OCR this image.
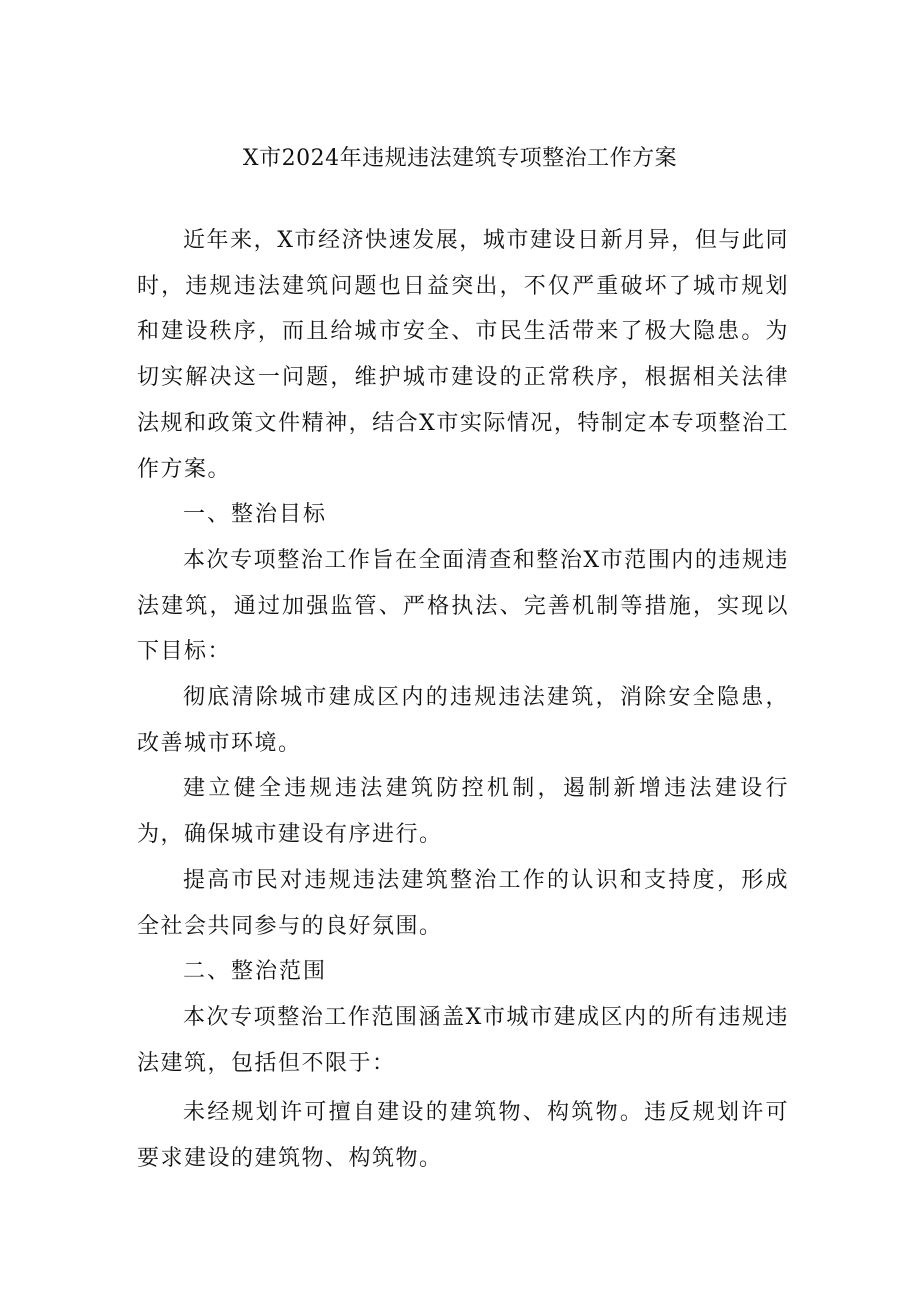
X市2024年违规违法建筑专项整治工作方案

近年来，X市经济快速发展，城市建设日新月异，但与此同时，违规违法建筑问题也日益突出，不仅严重破坏了城市规划和建设秩序，而且给城市安全、市民生活带来了极大隐患。为切实解决这一问题，维护城市建设的正常秩序，根据相关法律法规和政策文件精神，结合X市实际情况，特制定本专项整治工作方案。

一、整治目标

本次专项整治工作旨在全面清查和整治X市范围内的违规违法建筑，通过加强监管、严格执法、完善机制等措施，实现以下目标：

彻底清除城市建成区内的违规违法建筑，消除安全隐患，改善城市环境。

建立健全违规违法建筑防控机制，遏制新增违法建设行为，确保城市建设有序进行。

提高市民对违规违法建筑整治工作的认识和支持度，形成全社会共同参与的良好氛围。

二、整治范围

本次专项整治工作范围涵盖X市城市建成区内的所有违规违法建筑，包括但不限于：

未经规划许可擅自建设的建筑物、构筑物。违反规划许可要求建设的建筑物、构筑物。
